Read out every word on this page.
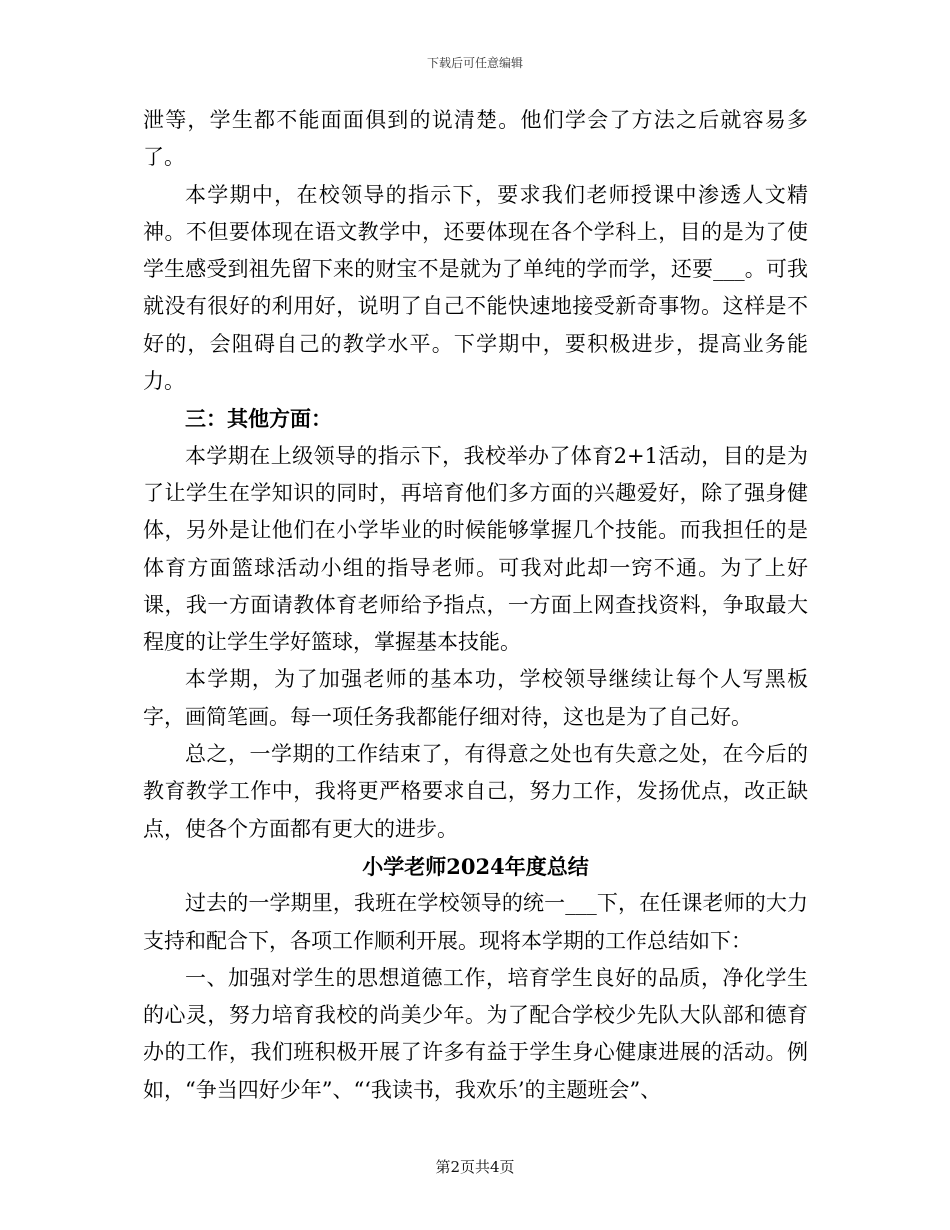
下载后可任意编辑

泄等，学生都不能面面俱到的说清楚。他们学会了方法之后就容易多了。

本学期中，在校领导的指示下，要求我们老师授课中渗透人文精神。不但要体现在语文教学中，还要体现在各个学科上，目的是为了使学生感受到祖先留下来的财宝不是就为了单纯的学而学，还要___。可我就没有很好的利用好，说明了自己不能快速地接受新奇事物。这样是不好的，会阻碍自己的教学水平。下学期中，要积极进步，提高业务能力。

三：其他方面：

本学期在上级领导的指示下，我校举办了体育2+1活动，目的是为了让学生在学知识的同时，再培育他们多方面的兴趣爱好，除了强身健体，另外是让他们在小学毕业的时候能够掌握几个技能。而我担任的是体育方面篮球活动小组的指导老师。可我对此却一窍不通。为了上好课，我一方面请教体育老师给予指点，一方面上网查找资料，争取最大程度的让学生学好篮球，掌握基本技能。

本学期，为了加强老师的基本功，学校领导继续让每个人写黑板字，画简笔画。每一项任务我都能仔细对待，这也是为了自己好。

总之，一学期的工作结束了，有得意之处也有失意之处，在今后的教育教学工作中，我将更严格要求自己，努力工作，发扬优点，改正缺点，使各个方面都有更大的进步。

小学老师2024年度总结

过去的一学期里，我班在学校领导的统一___下，在任课老师的大力支持和配合下，各项工作顺利开展。现将本学期的工作总结如下：

一、加强对学生的思想道德工作，培育学生良好的品质，净化学生的心灵，努力培育我校的尚美少年。为了配合学校少先队大队部和德育办的工作，我们班积极开展了许多有益于学生身心健康进展的活动。例如，“争当四好少年”、“‘我读书，我欢乐’的主题班会”、

第2页共4页
